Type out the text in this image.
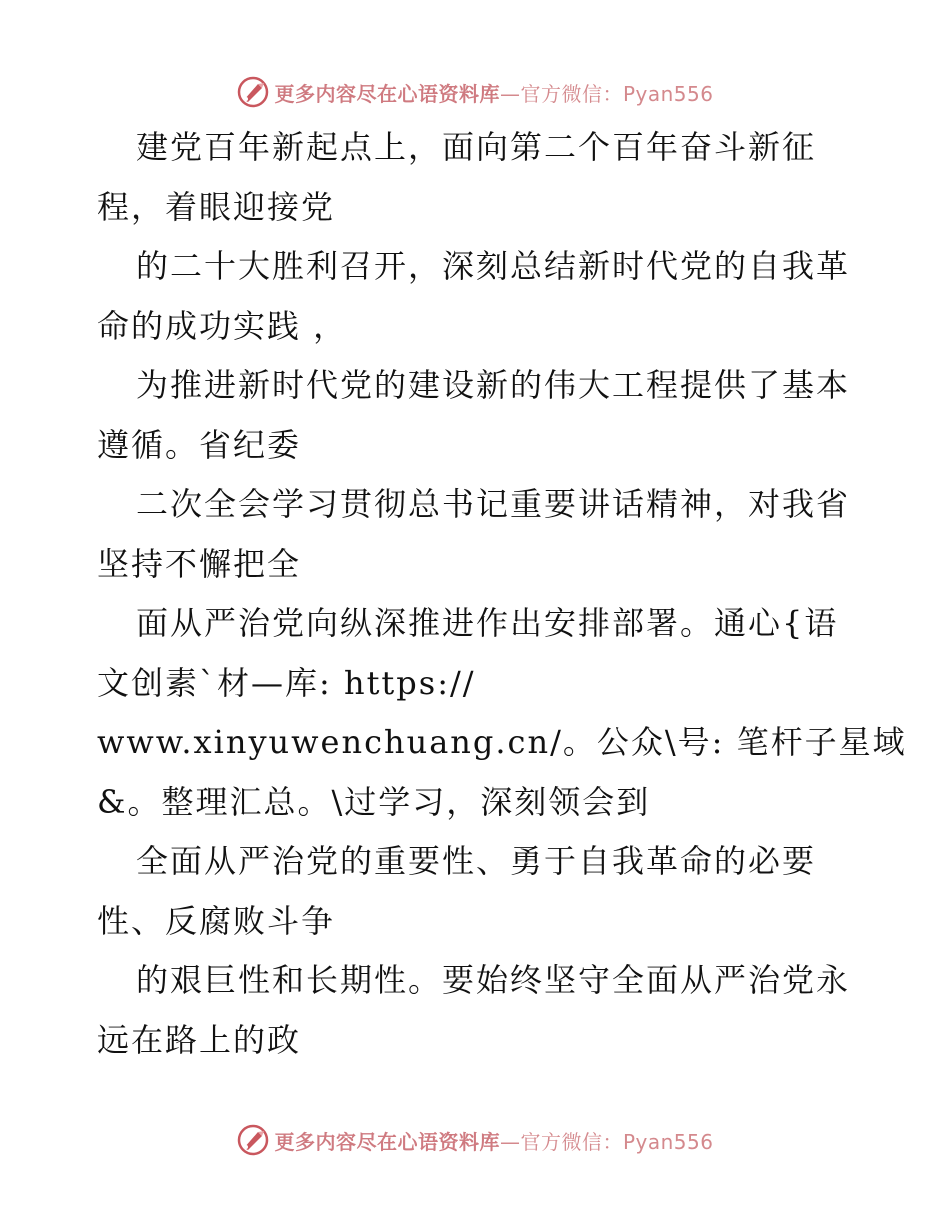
更多内容尽在心语资料库—官方微信：Pyan556
建党百年新起点上，面向第二个百年奋斗新征
程，着眼迎接党
的二十大胜利召开，深刻总结新时代党的自我革
命的成功实践 ，
为推进新时代党的建设新的伟大工程提供了基本
遵循。省纪委
二次全会学习贯彻总书记重要讲话精神，对我省
坚持不懈把全
面从严治党向纵深推进作出安排部署。通心{语
文创素`材—库: https://
www.xinyuwenchuang.cn/。公众\号: 笔杆子星域
&。整理汇总。\过学习，深刻领会到
全面从严治党的重要性、勇于自我革命的必要
性、反腐败斗争
的艰巨性和长期性。要始终坚守全面从严治党永
远在路上的政
更多内容尽在心语资料库—官方微信：Pyan556
